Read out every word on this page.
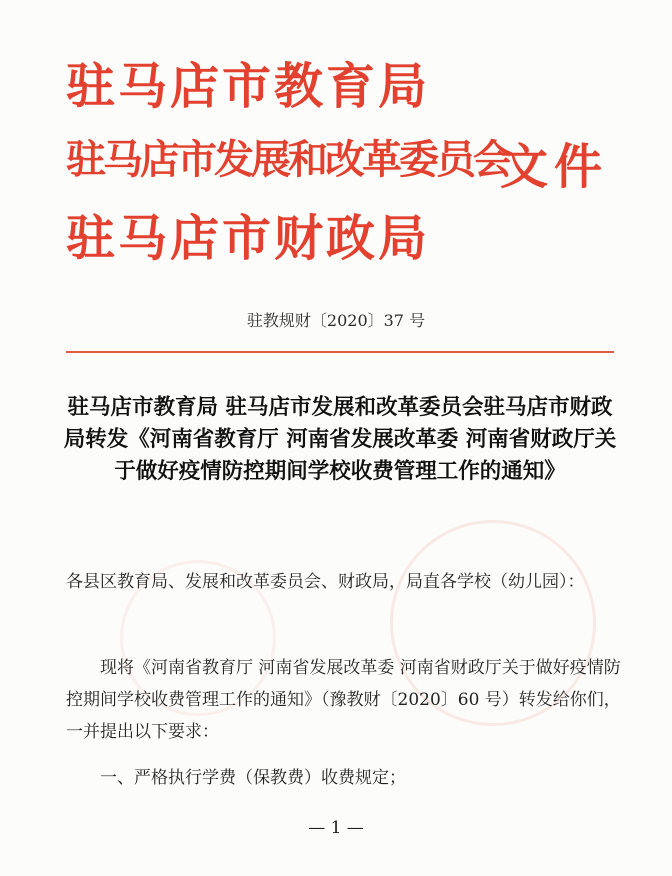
驻马店市教育局
驻马店市发展和改革委员会
文件
驻马店市财政局
驻教规财〔2020〕37 号
驻马店市教育局 驻马店市发展和改革委员会驻马店市财政局转发《河南省教育厅 河南省发展改革委 河南省财政厅关于做好疫情防控期间学校收费管理工作的通知》
各县区教育局、发展和改革委员会、财政局，局直各学校（幼儿园）：
现将《河南省教育厅 河南省发展改革委 河南省财政厅关于做好疫情防控期间学校收费管理工作的通知》（豫教财〔2020〕60 号）转发给你们，一并提出以下要求：
一、严格执行学费（保教费）收费规定；
— 1 —
